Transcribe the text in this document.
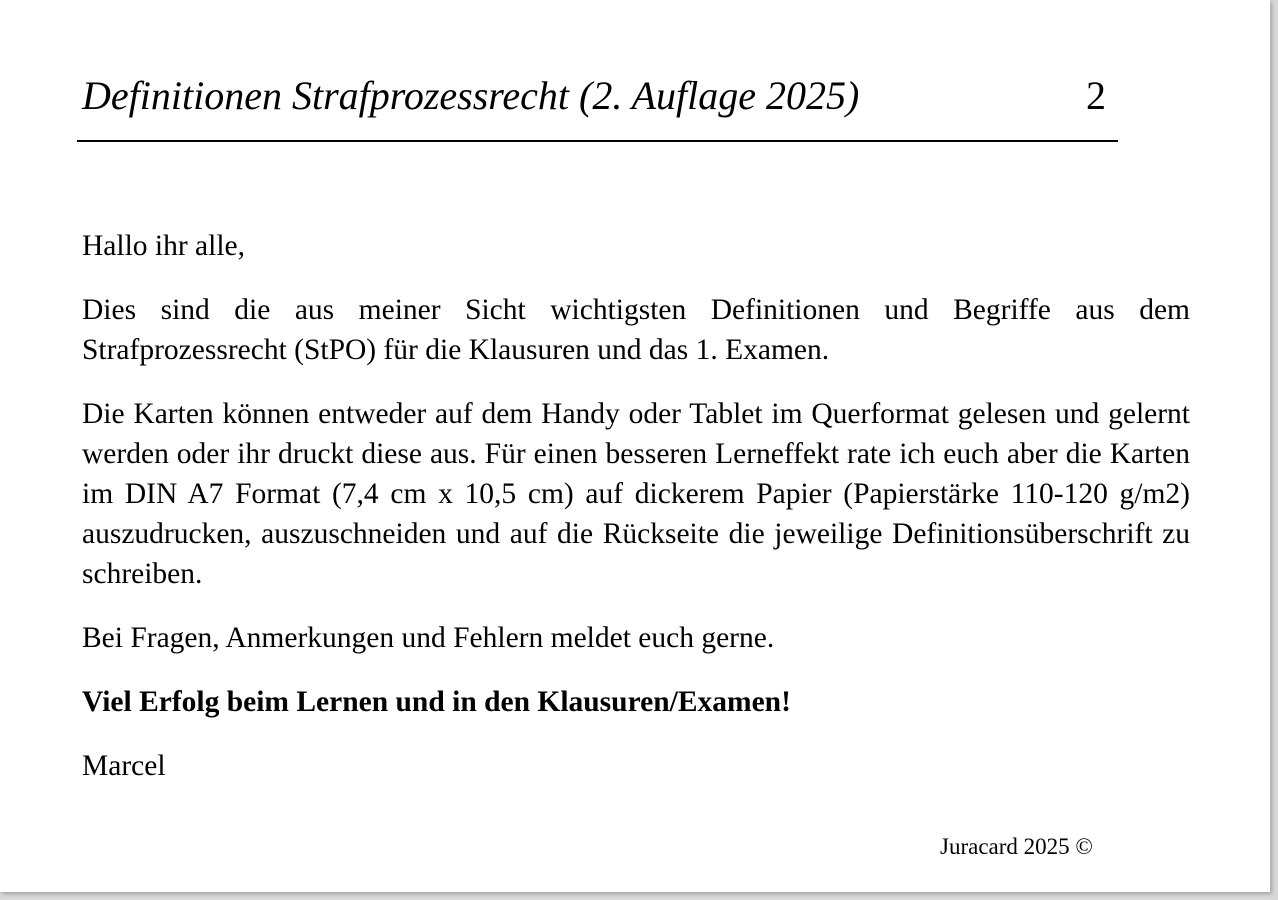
Definitionen Strafprozessrecht (2. Auflage 2025)	2

Hallo ihr alle,

Dies sind die aus meiner Sicht wichtigsten Definitionen und Begriffe aus dem Strafprozessrecht (StPO) für die Klausuren und das 1. Examen.

Die Karten können entweder auf dem Handy oder Tablet im Querformat gelesen und gelernt werden oder ihr druckt diese aus. Für einen besseren Lerneffekt rate ich euch aber die Karten im DIN A7 Format (7,4 cm x 10,5 cm) auf dickerem Papier (Papierstärke 110-120 g/m2) auszudrucken, auszuschneiden und auf die Rückseite die jeweilige Definitionsüberschrift zu schreiben.

Bei Fragen, Anmerkungen und Fehlern meldet euch gerne.

Viel Erfolg beim Lernen und in den Klausuren/Examen!

Marcel

Juracard 2025 ©
